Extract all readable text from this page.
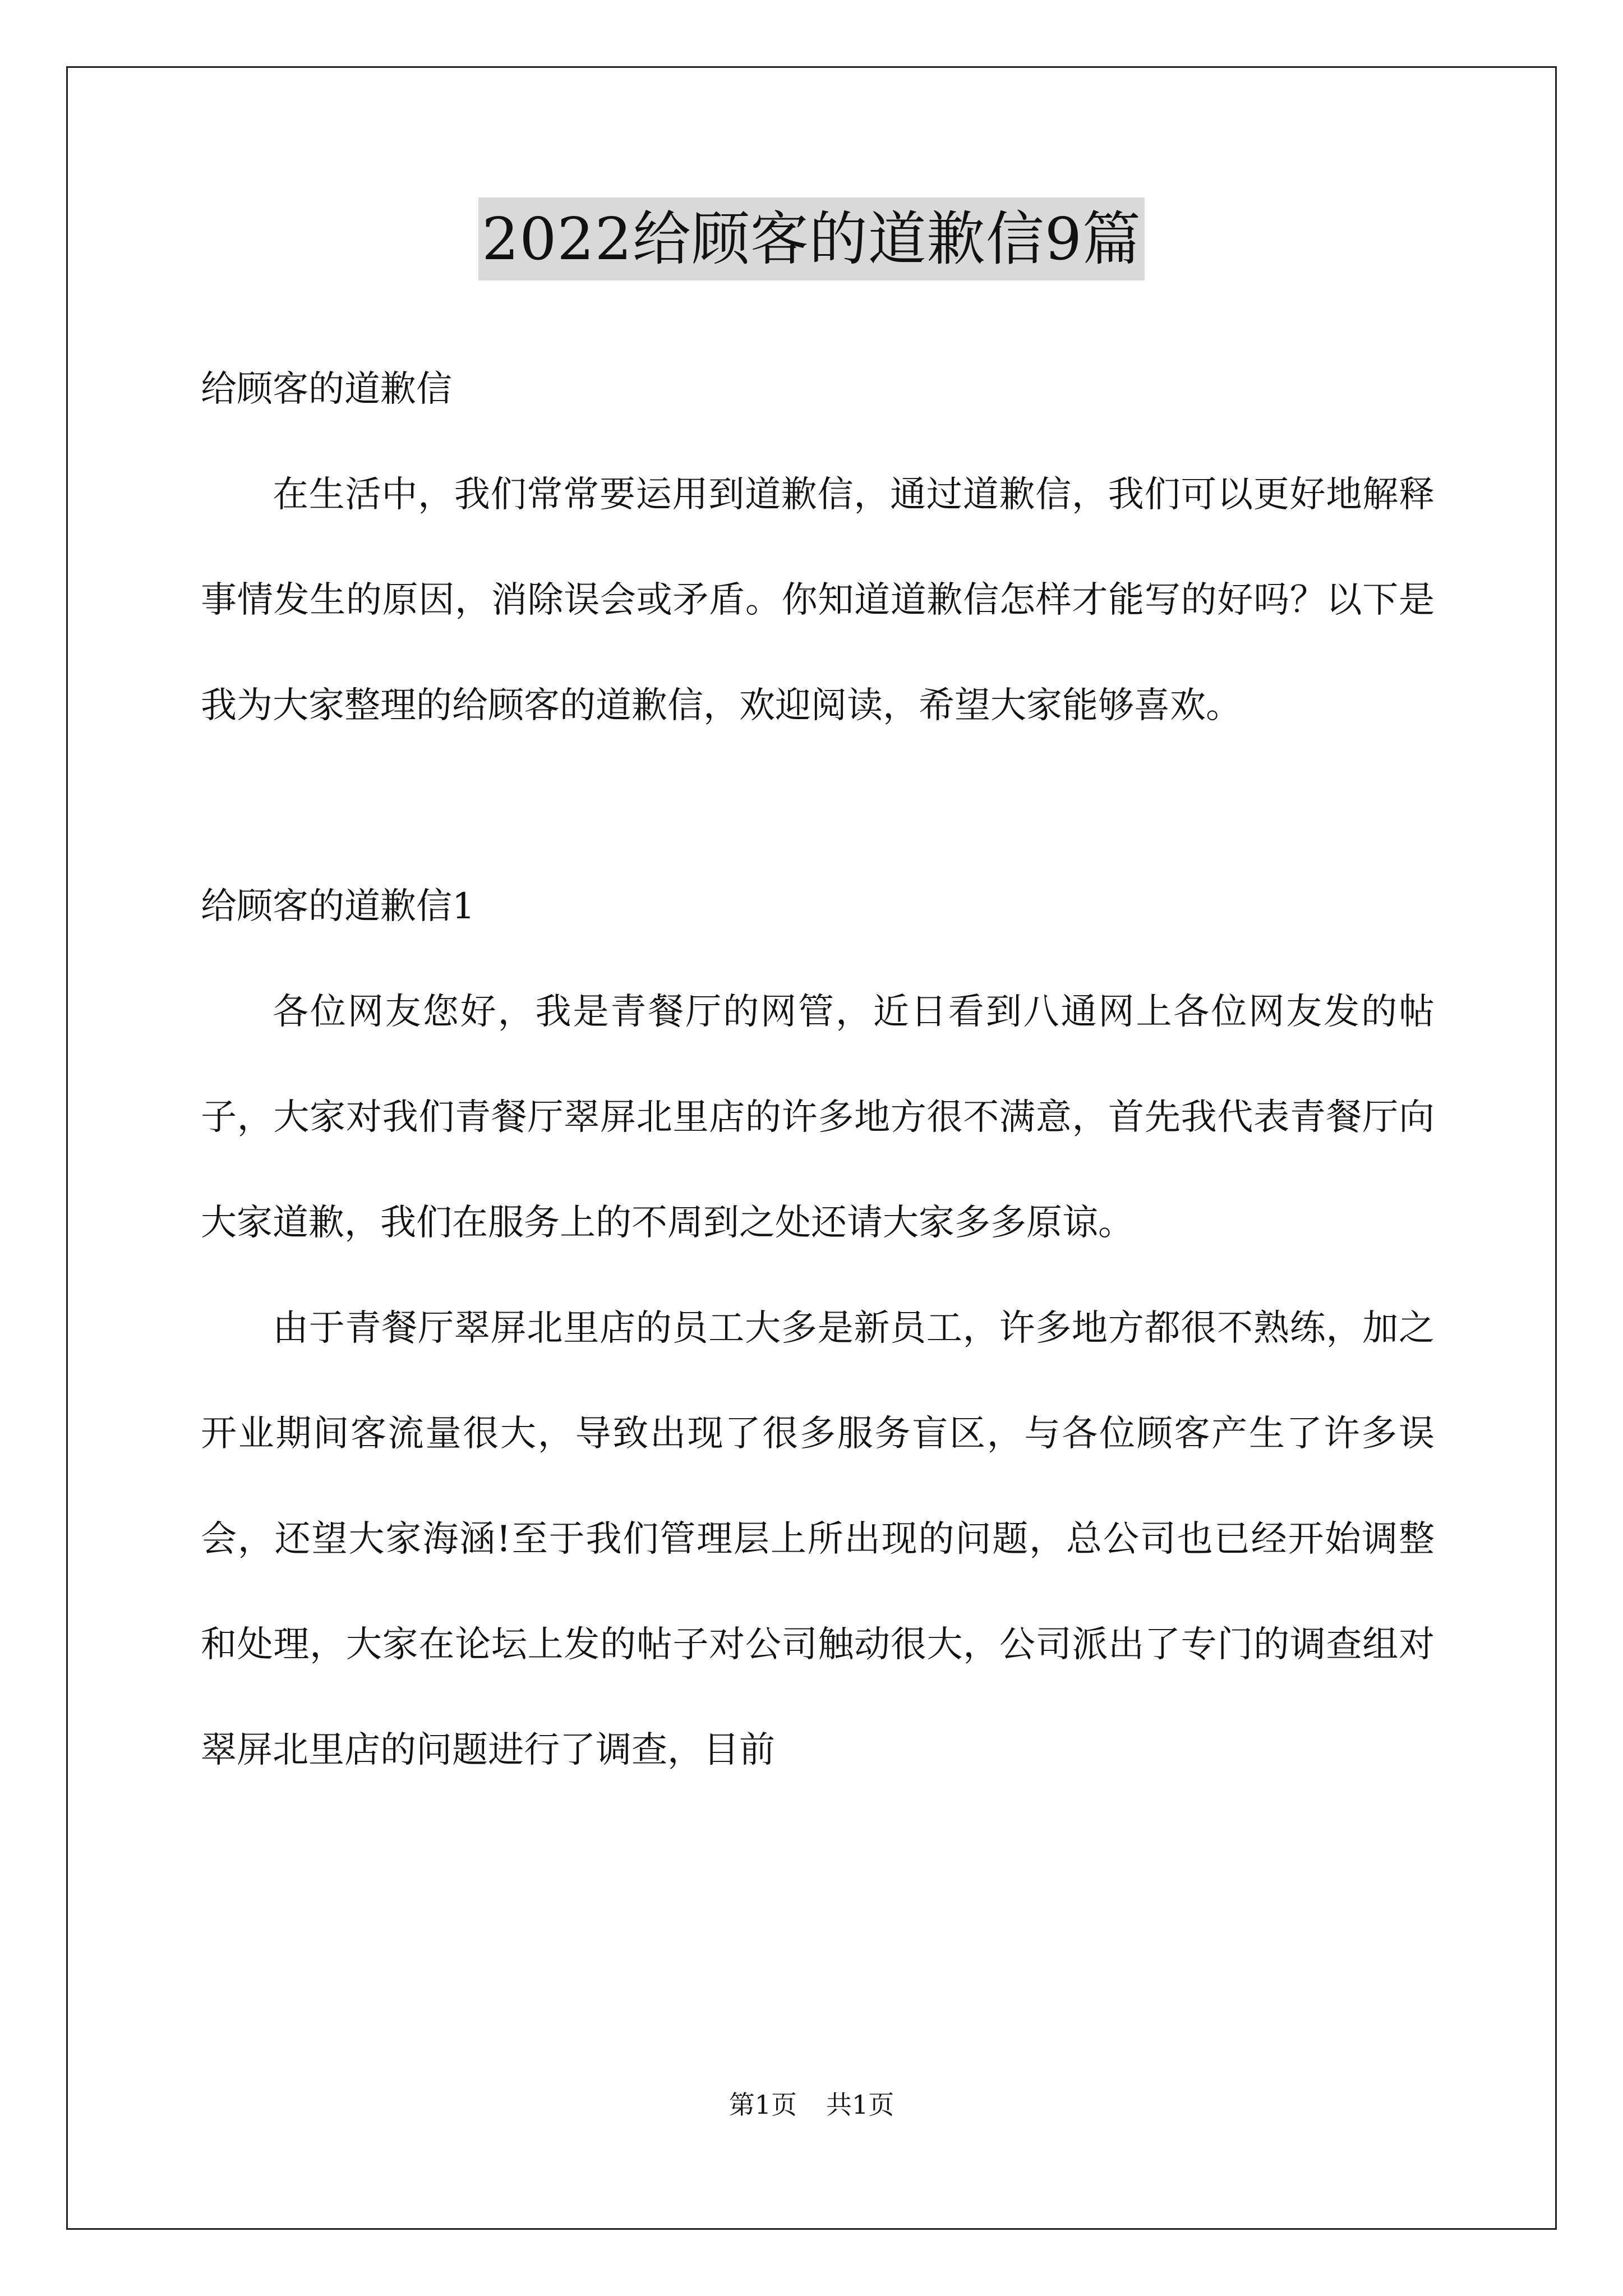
2022给顾客的道歉信9篇

给顾客的道歉信

在生活中，我们常常要运用到道歉信，通过道歉信，我们可以更好地解释事情发生的原因，消除误会或矛盾。你知道道歉信怎样才能写的好吗？以下是我为大家整理的给顾客的道歉信，欢迎阅读，希望大家能够喜欢。

给顾客的道歉信1

各位网友您好，我是青餐厅的网管，近日看到八通网上各位网友发的帖子，大家对我们青餐厅翠屏北里店的许多地方很不满意，首先我代表青餐厅向大家道歉，我们在服务上的不周到之处还请大家多多原谅。

由于青餐厅翠屏北里店的员工大多是新员工，许多地方都很不熟练，加之开业期间客流量很大，导致出现了很多服务盲区，与各位顾客产生了许多误会，还望大家海涵!至于我们管理层上所出现的问题，总公司也已经开始调整和处理，大家在论坛上发的帖子对公司触动很大，公司派出了专门的调查组对翠屏北里店的问题进行了调查，目前

第1页 共1页
